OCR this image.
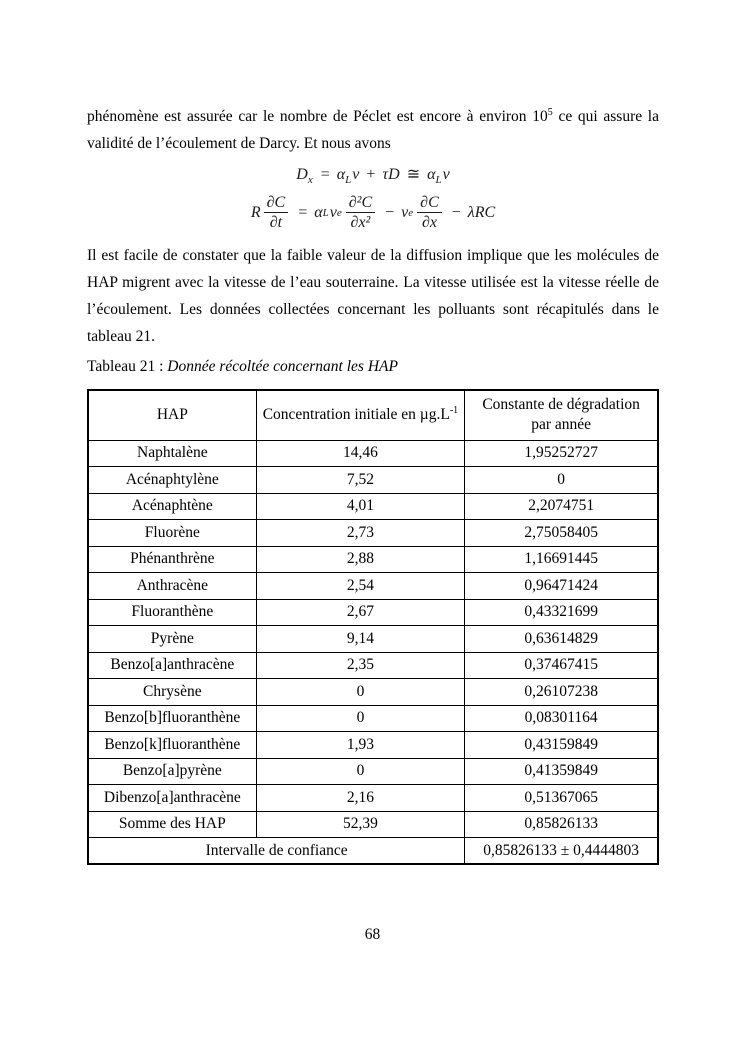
phénomène est assurée car le nombre de Péclet est encore à environ $10^5$ ce qui assure la validité de l’écoulement de Darcy. Et nous avons

$D_x = \alpha_Lv + \tau D$ ≅ $\alpha_Lv$
R $\frac{\partial C}{\partial t} = \alpha$ L v e $\frac{\text{∂²C}}{\text{∂x²}} - v$ e $\frac{\partial C}{\partial x} - \lambda RC$

Il est facile de constater que la faible valeur de la diffusion implique que les molécules de HAP migrent avec la vitesse de l’eau souterraine. La vitesse utilisée est la vitesse réelle de l’écoulement. Les données collectées concernant les polluants sont récapitulés dans le tableau 21.

Tableau 21 : Donnée récoltée concernant les HAP

HAP	Concentration initiale en $\mu g.L^{-1}$	Constante de dégradation par année
Naphtalène	14,46	1,95252727
Acénaphtylène	7,52	0
Acénaphtène	4,01	2,2074751
Fluorène	2,73	2,75058405
Phénanthrène	2,88	1,16691445
Anthracène	2,54	0,96471424
Fluoranthène	2,67	0,43321699
Pyrène	9,14	0,63614829
Benzo[a]anthracène	2,35	0,37467415
Chrysène	0	0,26107238
Benzo[b]fluoranthène	0	0,08301164
Benzo[k]fluoranthène	1,93	0,43159849
Benzo[a]pyrène	0	0,41359849
Dibenzo[a]anthracène	2,16	0,51367065
Somme des HAP	52,39	0,85826133
Intervalle de confiance		0,85826133 ± 0,4444803
68
